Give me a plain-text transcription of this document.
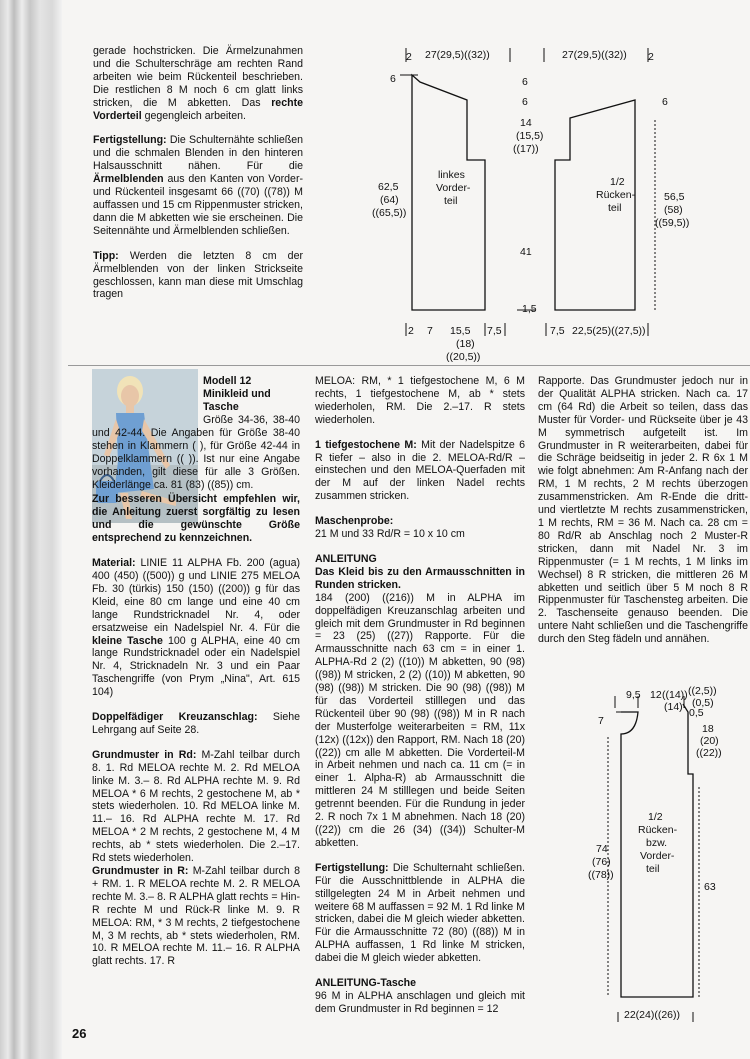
gerade hochstricken. Die Ärmelzunahmen und die Schulterschräge am rechten Rand arbeiten wie beim Rückenteil beschrieben. Die restlichen 8 M noch 6 cm glatt links stricken, die M abketten. Das rechte Vorderteil gegengleich arbeiten.

Fertigstellung: Die Schulternähte schließen und die schmalen Blenden in den hinteren Halsausschnitt nähen. Für die Ärmelblenden aus den Kanten von Vorder- und Rückenteil insgesamt 66 ((70) ((78)) M auffassen und 15 cm Rippenmuster stricken, dann die M abketten wie sie erscheinen. Die Seitennähte und Ärmelblenden schließen.

Tipp: Werden die letzten 8 cm der Ärmelblenden von der linken Strickseite geschlossen, kann man diese mit Umschlag tragen

2 27(29,5)((32))	27(29,5)((32)) 2
6	6
6	6
14
(15,5)
((17))
62,5
(64)
((65,5))
linkes
Vorder-
teil
1/2
Rücken-
teil
56,5
(58)
((59,5))
41
1,5
2 7 15,5 7,5
(18)
((20,5))
7,5 22,5(25)((27,5))
Modell 12
Minikleid und
Tasche

Größe 34-36, 38-40 und 42-44. Die Angaben für Größe 38-40 stehen in Klammern ( ), für Größe 42-44 in Doppelklammern (( )). Ist nur eine Angabe vorhanden, gilt diese für alle 3 Größen. Kleiderlänge ca. 81 (83) ((85)) cm.

Zur besseren Übersicht empfehlen wir, die Anleitung zuerst sorgfältig zu lesen und die gewünschte Größe entsprechend zu kennzeichnen.

Material: LINIE 11 ALPHA Fb. 200 (agua) 400 (450) ((500)) g und LINIE 275 MELOA Fb. 30 (türkis) 150 (150) ((200)) g für das Kleid, eine 80 cm lange und eine 40 cm lange Rundstricknadel Nr. 4, oder ersatzweise ein Nadelspiel Nr. 4. Für die kleine Tasche 100 g ALPHA, eine 40 cm lange Rundstricknadel oder ein Nadelspiel Nr. 4, Stricknadeln Nr. 3 und ein Paar Taschengriffe (von Prym „Nina", Art. 615 104)

Doppelfädiger Kreuzanschlag: Siehe Lehrgang auf Seite 28.

Grundmuster in Rd: M-Zahl teilbar durch 8. 1. Rd MELOA rechte M. 2. Rd MELOA linke M. 3.– 8. Rd ALPHA rechte M. 9. Rd MELOA * 6 M rechts, 2 gestochene M, ab * stets wiederholen. 10. Rd MELOA linke M. 11.– 16. Rd ALPHA rechte M. 17. Rd MELOA * 2 M rechts, 2 gestochene M, 4 M rechts, ab * stets wiederholen. Die 2.–17. Rd stets wiederholen.

Grundmuster in R: M-Zahl teilbar durch 8 + RM. 1. R MELOA rechte M. 2. R MELOA rechte M. 3.– 8. R ALPHA glatt rechts = Hin-R rechte M und Rück-R linke M. 9. R MELOA: RM, * 3 M rechts, 2 tiefgestochene M, 3 M rechts, ab * stets wiederholen, RM. 10. R MELOA rechte M. 11.– 16. R ALPHA glatt rechts. 17. R

MELOA: RM, * 1 tiefgestochene M, 6 M rechts, 1 tiefgestochene M, ab * stets wiederholen, RM. Die 2.–17. R stets wiederholen.

1 tiefgestochene M: Mit der Nadelspitze 6 R tiefer – also in die 2. MELOA-Rd/R – einstechen und den MELOA-Querfaden mit der M auf der linken Nadel rechts zusammen stricken.

Maschenprobe:
21 M und 33 Rd/R = 10 x 10 cm

ANLEITUNG
Das Kleid bis zu den Armausschnitten in Runden stricken.
184 (200) ((216)) M in ALPHA im doppelfädigen Kreuzanschlag arbeiten und gleich mit dem Grundmuster in Rd beginnen = 23 (25) ((27)) Rapporte. Für die Armausschnitte nach 63 cm = in einer 1. ALPHA-Rd 2 (2) ((10)) M abketten, 90 (98) ((98)) M stricken, 2 (2) ((10)) M abketten, 90 (98) ((98)) M stricken. Die 90 (98) ((98)) M für das Vorderteil stilllegen und das Rückenteil über 90 (98) ((98)) M in R nach der Musterfolge weiterarbeiten = RM, 11x (12x) ((12x)) den Rapport, RM. Nach 18 (20) ((22)) cm alle M abketten. Die Vorderteil-M in Arbeit nehmen und nach ca. 11 cm (= in einer 1. Alpha-R) ab Armausschnitt die mittleren 24 M stilllegen und beide Seiten getrennt beenden. Für die Rundung in jeder 2. R noch 7x 1 M abnehmen. Nach 18 (20) ((22)) cm die 26 (34) ((34)) Schulter-M abketten.

Fertigstellung: Die Schulternaht schließen. Für die Ausschnittblende in ALPHA die stillgelegten 24 M in Arbeit nehmen und weitere 68 M auffassen = 92 M. 1 Rd linke M stricken, dabei die M gleich wieder abketten. Für die Armausschnitte 72 (80) ((88)) M in ALPHA auffassen, 1 Rd linke M stricken, dabei die M gleich wieder abketten.

ANLEITUNG-Tasche
96 M in ALPHA anschlagen und gleich mit dem Grundmuster in Rd beginnen = 12

Rapporte. Das Grundmuster jedoch nur in der Qualität ALPHA stricken. Nach ca. 17 cm (64 Rd) die Arbeit so teilen, dass das Muster für Vorder- und Rückseite über je 43 M symmetrisch aufgeteilt ist. Im Grundmuster in R weiterarbeiten, dabei für die Schräge beidseitig in jeder 2. R 6x 1 M wie folgt abnehmen: Am R-Anfang nach der RM, 1 M rechts, 2 M rechts überzogen zusammenstricken. Am R-Ende die dritt- und viertletzte M rechts zusammenstricken, 1 M rechts, RM = 36 M. Nach ca. 28 cm = 80 Rd/R ab Anschlag noch 2 Muster-R stricken, dann mit Nadel Nr. 3 im Rippenmuster (= 1 M rechts, 1 M links im Wechsel) 8 R stricken, die mittleren 26 M abketten und seitlich über 5 M noch 8 R Rippenmuster für Taschensteg arbeiten. Die 2. Taschenseite genauso beenden. Die untere Naht schließen und die Taschengriffe durch den Steg fädeln und annähen.

((2,5))
(0,5)
((14))
(14) 0,5
9,5 12
7
18
(20)
((22))
1/2
Rücken-
bzw.
Vorder-
teil
74
(76)
((78))
63
22(24)((26))
26
